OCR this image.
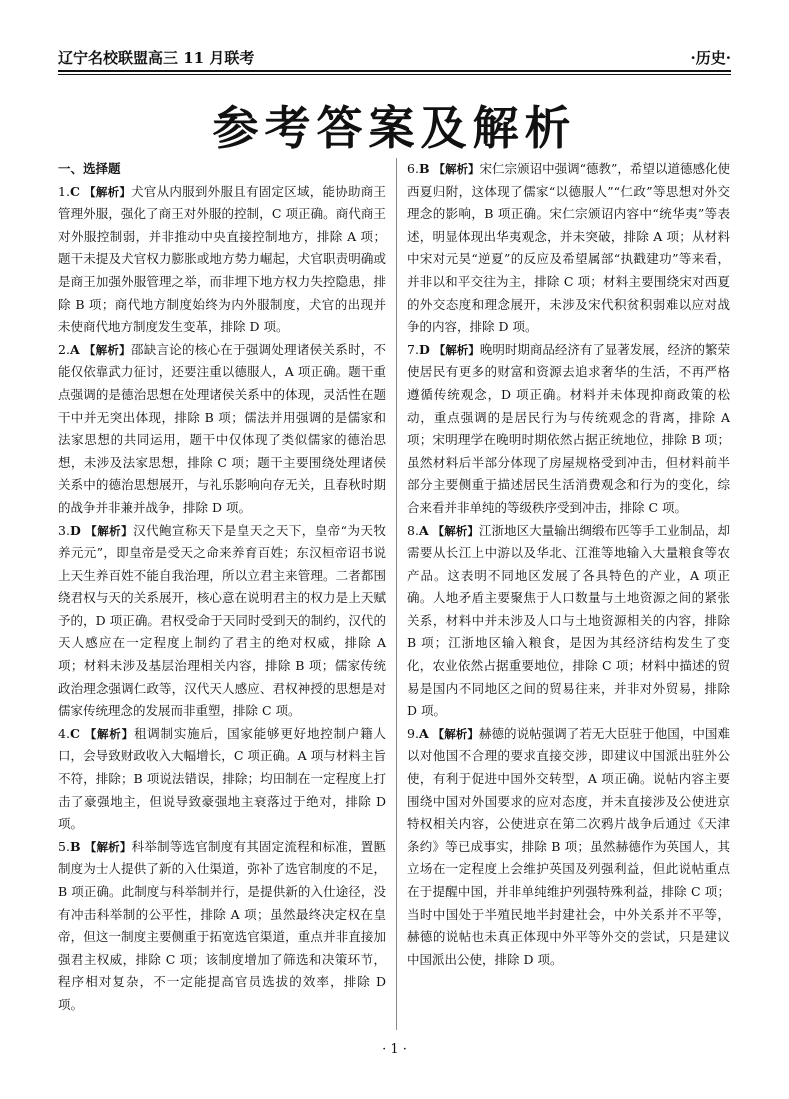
辽宁名校联盟高三 11 月联考	·历史·
参考答案及解析
一、选择题

1.C 【解析】犬官从内服到外服且有固定区域，能协助商王管理外服，强化了商王对外服的控制，C 项正确。商代商王对外服控制弱，并非推动中央直接控制地方，排除 A 项；题干未提及犬官权力膨胀或地方势力崛起，犬官职责明确或是商王加强外服管理之举，而非埋下地方权力失控隐患，排除 B 项；商代地方制度始终为内外服制度，犬官的出现并未使商代地方制度发生变革，排除 D 项。

2.A 【解析】邵缺言论的核心在于强调处理诸侯关系时，不能仅依靠武力征讨，还要注重以德服人，A 项正确。题干重点强调的是德治思想在处理诸侯关系中的体现，灵活性在题干中并无突出体现，排除 B 项；儒法并用强调的是儒家和法家思想的共同运用，题干中仅体现了类似儒家的德治思想，未涉及法家思想，排除 C 项；题干主要围绕处理诸侯关系中的德治思想展开，与礼乐影响向存无关，且春秋时期的战争并非兼并战争，排除 D 项。

3.D 【解析】汉代鲍宣称天下是皇天之天下，皇帝“为天牧养元元”，即皇帝是受天之命来养育百姓；东汉桓帝诏书说上天生养百姓不能自我治理，所以立君主来管理。二者都围绕君权与天的关系展开，核心意在说明君主的权力是上天赋予的，D 项正确。君权受命于天同时受到天的制约，汉代的天人感应在一定程度上制约了君主的绝对权威，排除 A 项；材料未涉及基层治理相关内容，排除 B 项；儒家传统政治理念强调仁政等，汉代天人感应、君权神授的思想是对儒家传统理念的发展而非重塑，排除 C 项。

4.C 【解析】租调制实施后，国家能够更好地控制户籍人口，会导致财政收入大幅增长，C 项正确。A 项与材料主旨不符，排除；B 项说法错误，排除；均田制在一定程度上打击了豪强地主，但说导致豪强地主衰落过于绝对，排除 D 项。

5.B 【解析】科举制等选官制度有其固定流程和标准，置匦制度为士人提供了新的入仕渠道，弥补了选官制度的不足，B 项正确。此制度与科举制并行，是提供新的入仕途径，没有冲击科举制的公平性，排除 A 项；虽然最终决定权在皇帝，但这一制度主要侧重于拓宽选官渠道，重点并非直接加强君主权威，排除 C 项；该制度增加了筛选和决策环节，程序相对复杂，不一定能提高官员选拔的效率，排除 D 项。

6.B 【解析】宋仁宗颁诏中强调“德教”，希望以道德感化使西夏归附，这体现了儒家“以德服人”“仁政”等思想对外交理念的影响，B 项正确。宋仁宗颁诏内容中“统华夷”等表述，明显体现出华夷观念，并未突破，排除 A 项；从材料中宋对元昊“逆夏”的反应及希望属部“执戳建功”等来看，并非以和平交往为主，排除 C 项；材料主要围绕宋对西夏的外交态度和理念展开，未涉及宋代积贫积弱难以应对战争的内容，排除 D 项。

7.D 【解析】晚明时期商品经济有了显著发展，经济的繁荣使居民有更多的财富和资源去追求奢华的生活，不再严格遵循传统观念，D 项正确。材料并未体现抑商政策的松动，重点强调的是居民行为与传统观念的背离，排除 A 项；宋明理学在晚明时期依然占据正统地位，排除 B 项；虽然材料后半部分体现了房屋规格受到冲击，但材料前半部分主要侧重于描述居民生活消费观念和行为的变化，综合来看并非单纯的等级秩序受到冲击，排除 C 项。

8.A 【解析】江浙地区大量输出绸缎布匹等手工业制品，却需要从长江上中游以及华北、江淮等地输入大量粮食等农产品。这表明不同地区发展了各具特色的产业，A 项正确。人地矛盾主要聚焦于人口数量与土地资源之间的紧张关系，材料中并未涉及人口与土地资源相关的内容，排除 B 项；江浙地区输入粮食，是因为其经济结构发生了变化，农业依然占据重要地位，排除 C 项；材料中描述的贸易是国内不同地区之间的贸易往来，并非对外贸易，排除 D 项。

9.A 【解析】赫德的说帖强调了若无大臣驻于他国，中国难以对他国不合理的要求直接交涉，即建议中国派出驻外公使，有利于促进中国外交转型，A 项正确。说帖内容主要围绕中国对外国要求的应对态度，并未直接涉及公使进京特权相关内容，公使进京在第二次鸦片战争后通过《天津条约》等已成事实，排除 B 项；虽然赫德作为英国人，其立场在一定程度上会维护英国及列强利益，但此说帖重点在于提醒中国，并非单纯维护列强特殊利益，排除 C 项；当时中国处于半殖民地半封建社会，中外关系并不平等，赫德的说帖也未真正体现中外平等外交的尝试，只是建议中国派出公使，排除 D 项。

· 1 ·
